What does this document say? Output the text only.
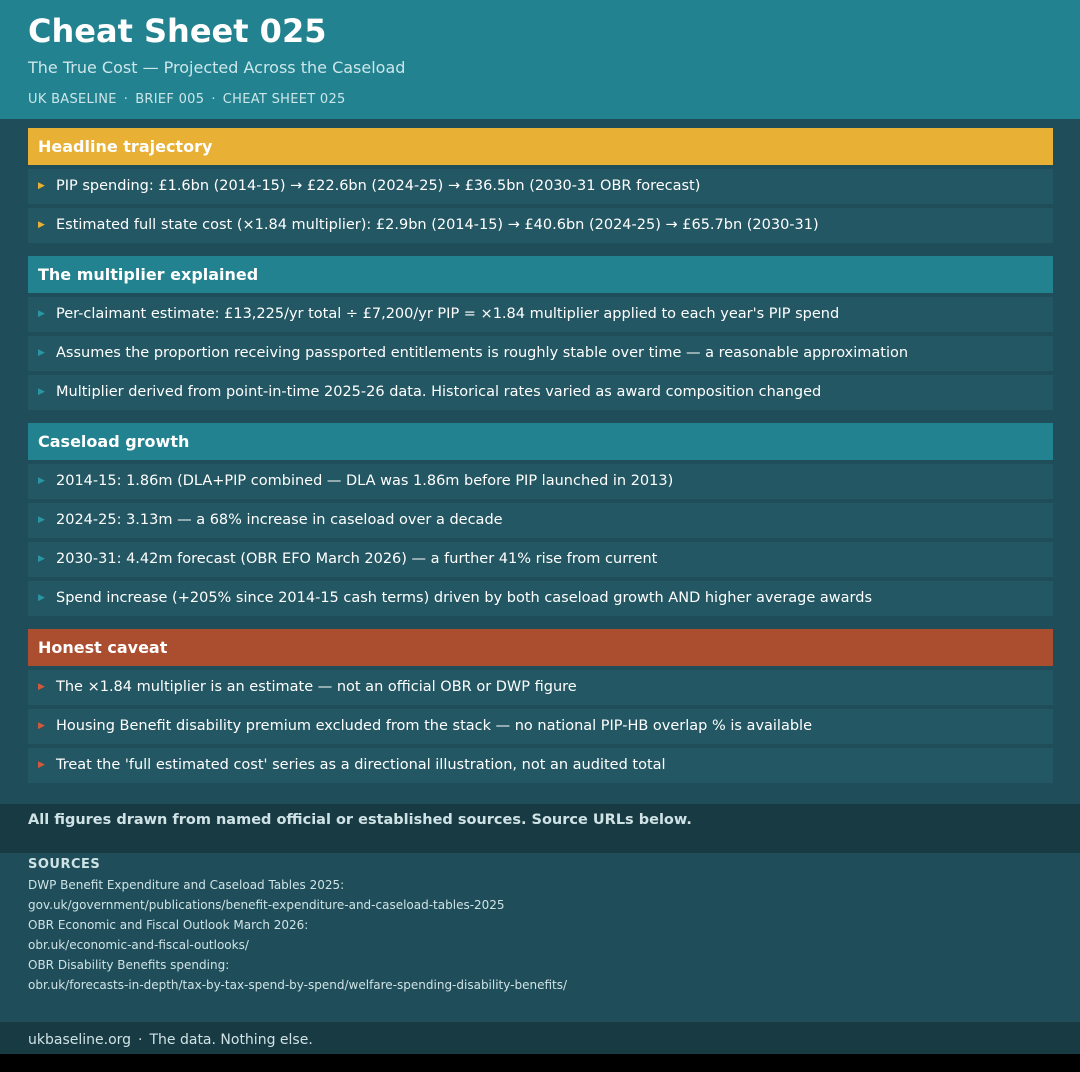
Cheat Sheet 025
The True Cost — Projected Across the Caseload
UK BASELINE · BRIEF 005 · CHEAT SHEET 025
Headline trajectory
▶ PIP spending: £1.6bn (2014-15) → £22.6bn (2024-25) → £36.5bn (2030-31 OBR forecast)
▶ Estimated full state cost (×1.84 multiplier): £2.9bn (2014-15) → £40.6bn (2024-25) → £65.7bn (2030-31)
The multiplier explained
▶ Per-claimant estimate: £13,225/yr total ÷ £7,200/yr PIP = ×1.84 multiplier applied to each year's PIP spend
▶ Assumes the proportion receiving passported entitlements is roughly stable over time — a reasonable approximation
▶ Multiplier derived from point-in-time 2025-26 data. Historical rates varied as award composition changed
Caseload growth
▶ 2014-15: 1.86m (DLA+PIP combined — DLA was 1.86m before PIP launched in 2013)
▶ 2024-25: 3.13m — a 68% increase in caseload over a decade
▶ 2030-31: 4.42m forecast (OBR EFO March 2026) — a further 41% rise from current
▶ Spend increase (+205% since 2014-15 cash terms) driven by both caseload growth AND higher average awards
Honest caveat
▶ The ×1.84 multiplier is an estimate — not an official OBR or DWP figure
▶ Housing Benefit disability premium excluded from the stack — no national PIP-HB overlap % is available
▶ Treat the 'full estimated cost' series as a directional illustration, not an audited total
All figures drawn from named official or established sources. Source URLs below.
SOURCES
DWP Benefit Expenditure and Caseload Tables 2025:
gov.uk/government/publications/benefit-expenditure-and-caseload-tables-2025
OBR Economic and Fiscal Outlook March 2026:
obr.uk/economic-and-fiscal-outlooks/
OBR Disability Benefits spending:
obr.uk/forecasts-in-depth/tax-by-tax-spend-by-spend/welfare-spending-disability-benefits/
ukbaseline.org · The data. Nothing else.
